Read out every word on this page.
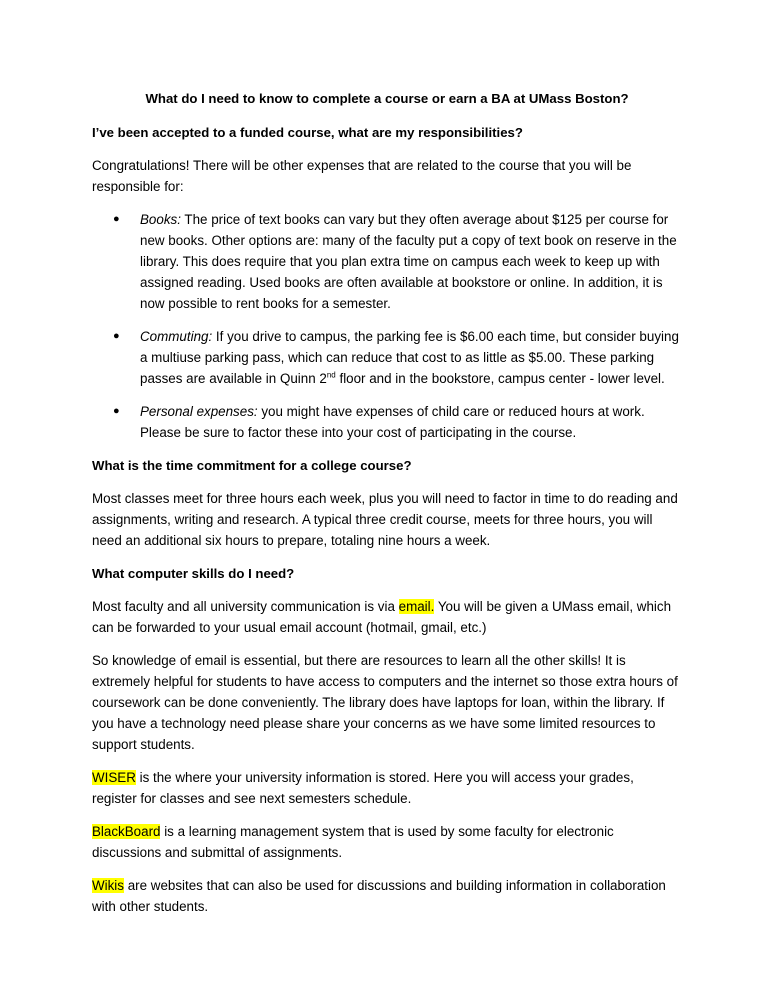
What do I need to know to complete a course or earn a BA at UMass Boston?
I’ve been accepted to a funded course, what are my responsibilities?

Congratulations! There will be other expenses that are related to the course that you will be responsible for:

● Books: The price of text books can vary but they often average about $125 per course for new books. Other options are: many of the faculty put a copy of text book on reserve in the library. This does require that you plan extra time on campus each week to keep up with assigned reading. Used books are often available at bookstore or online. In addition, it is now possible to rent books for a semester.
● Commuting: If you drive to campus, the parking fee is $6.00 each time, but consider buying a multiuse parking pass, which can reduce that cost to as little as $5.00. These parking passes are available in Quinn 2nd floor and in the bookstore, campus center - lower level.
● Personal expenses: you might have expenses of child care or reduced hours at work. Please be sure to factor these into your cost of participating in the course.
What is the time commitment for a college course?

Most classes meet for three hours each week, plus you will need to factor in time to do reading and assignments, writing and research. A typical three credit course, meets for three hours, you will need an additional six hours to prepare, totaling nine hours a week.

What computer skills do I need?

Most faculty and all university communication is via email. You will be given a UMass email, which can be forwarded to your usual email account (hotmail, gmail, etc.)

So knowledge of email is essential, but there are resources to learn all the other skills! It is extremely helpful for students to have access to computers and the internet so those extra hours of coursework can be done conveniently. The library does have laptops for loan, within the library. If you have a technology need please share your concerns as we have some limited resources to support students.

WISER is the where your university information is stored. Here you will access your grades, register for classes and see next semesters schedule.

BlackBoard is a learning management system that is used by some faculty for electronic discussions and submittal of assignments.

Wikis are websites that can also be used for discussions and building information in collaboration with other students.
